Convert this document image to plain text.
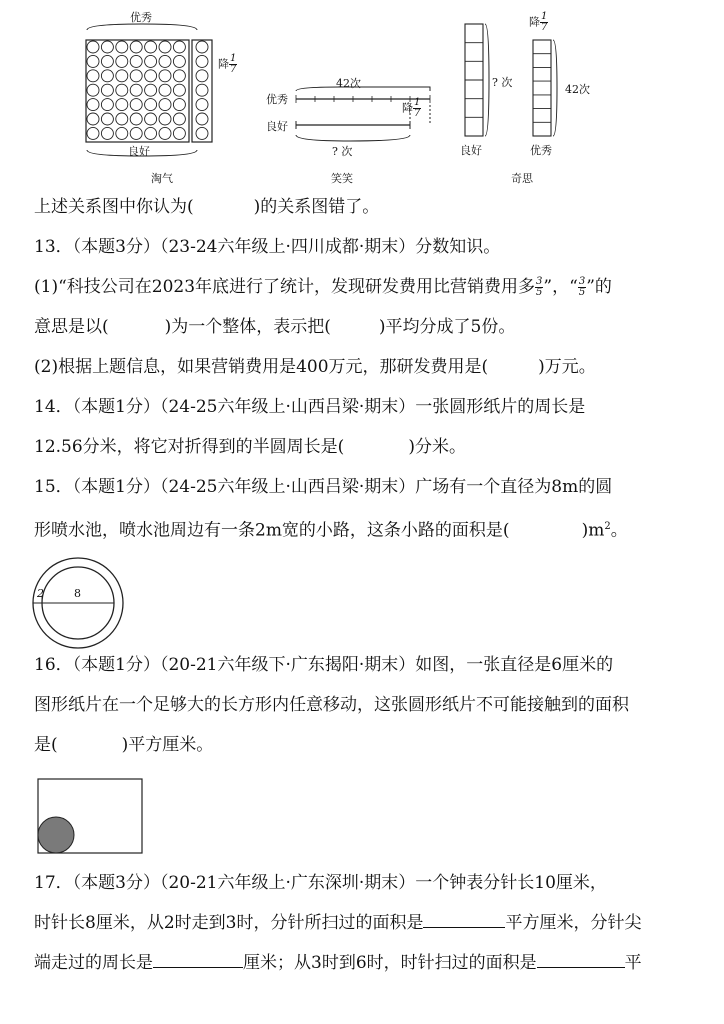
优秀
降 $\frac{1}{7}$
良好
淘气
42次
优秀
良好
降 $\frac{1}{7}$
? 次
笑笑
? 次
良好
降 $\frac{1}{7}$
42次
优秀
奇思
上述关系图中你认为(	)的关系图错了。
13．（本题3分）（23-24六年级上·四川成都·期末）分数知识。
(1)“科技公司在2023年底进行了统计，发现研发费用比营销费用多 $\frac{3}{5}$ ”，“ $\frac{3}{5}$ ”的
意思是以(	)为一个整体，表示把(	)平均分成了5份。
(2)根据上题信息，如果营销费用是400万元，那研发费用是(	)万元。
14．（本题1分）（24-25六年级上·山西吕梁·期末）一张圆形纸片的周长是
12.56分米，将它对折得到的半圆周长是(	)分米。
15．（本题1分）（24-25六年级上·山西吕梁·期末）广场有一个直径为8m的圆
形喷水池，喷水池周边有一条2m宽的小路，这条小路的面积是(	)$m^2$。
2	8
16．（本题1分）（20-21六年级下·广东揭阳·期末）如图，一张直径是6厘米的
图形纸片在一个足够大的长方形内任意移动，这张圆形纸片不可能接触到的面积
是(	)平方厘米。
17．（本题3分）（20-21六年级上·广东深圳·期末）一个钟表分针长10厘米，
时针长8厘米，从2时走到3时，分针所扫过的面积是	平方厘米，分针尖
端走过的周长是	厘米；从3时到6时，时针扫过的面积是	平
